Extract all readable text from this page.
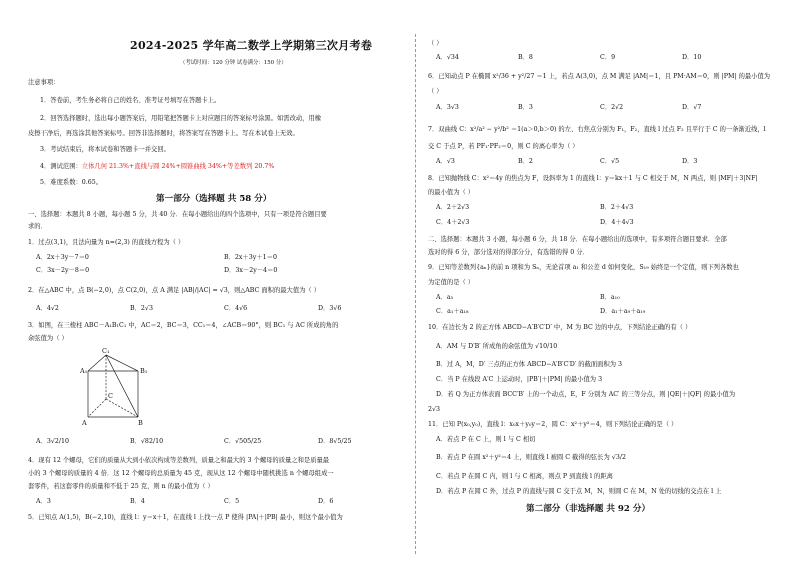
2024-2025 学年高二数学上学期第三次月考卷
（考试时间：120 分钟 试卷满分：150 分）
注意事项：
1．答卷前，考生务必将自己的姓名、准考证号填写在答题卡上。
2．回答选择题时，选出每小题答案后，用铅笔把答题卡上对应题目的答案标号涂黑。如需改动，用橡
皮擦干净后，再选涂其他答案标号。回答非选择题时，将答案写在答题卡上。写在本试卷上无效。
3．考试结束后，将本试卷和答题卡一并交回。
4．测试范围：立体几何 21.3%+直线与圆 24%+圆锥曲线 34%+等差数列 20.7%
5．难度系数：0.65。
第一部分（选择题 共 58 分）
一、选择题：本题共 8 小题，每小题 5 分，共 40 分．在每小题给出的四个选项中，只有一项是符合题目要
求的．
1．过点(3,1)，且法向量为 n=(2,3) 的直线方程为（ ）
A．2x＋3y－7＝0	B．2x＋3y＋1＝0
C．3x－2y－8＝0	D．3x－2y－4＝0
2．在△ABC 中，点 B(−2,0)，点 C(2,0)，点 A 满足 |AB|/|AC| = √3，则△ABC 面积的最大值为（ ）
A．4√2	B．2√3	C．4√6	D．3√6
3．如图，在三棱柱 ABC－A₁B₁C₁ 中，AC＝2，BC＝3，CC₁＝4，∠ACB＝90°，则 BC₁ 与 AC 所成的角的
余弦值为（ ）
C₁
A₁	B₁
C
A	B
A．3√2/10	B．√82/10	C．√505/25	D．8√5/25
4．现有 12 个螺母，它们的质量从大到小依次构成等差数列，质量之和最大的 3 个螺母的质量之和是质量最
小的 3 个螺母的质量的 4 倍．这 12 个螺母的总质量为 45 克，现从这 12 个螺母中随机挑选 n 个螺母组成一
套零件，若这套零件的质量和不低于 25 克，则 n 的最小值为（ ）
A．3	B．4	C．5	D．6
5．已知点 A(1,5)，B(−2,10)，直线 l：y＝x＋1，在直线 l 上找一点 P 使得 |PA|＋|PB| 最小，则这个最小值为
（ ）
A．√34	B．8	C．9	D．10
6．已知动点 P 在椭圆 x²/36 + y²/27 ＝1 上，若点 A(3,0)，点 M 满足 |AM|＝1，且 PM·AM＝0，则 |PM| 的最小值为
（ ）
A．3√3	B．3	C．2√2	D．√7
7．双曲线 C：x²/a² − y²/b² ＝1(a＞0,b＞0) 的左、右焦点分别为 F₁，F₂，直线 l 过点 F₂ 且平行于 C 的一条渐近线，l
交 C 于点 P，若 PF₁·PF₂＝0，则 C 的离心率为（ ）
A．√3	B．2	C．√5	D．3
8．已知抛物线 C：x²＝4y 的焦点为 F，设斜率为 1 的直线 l：y＝kx＋1 与 C 相交于 M，N 两点，则 |MF|＋3|NF|
的最小值为（ ）
A．2＋2√3	B．2＋4√3
C．4＋2√3	D．4＋4√3
二、选择题：本题共 3 小题，每小题 6 分，共 18 分．在每小题给出的选项中，有多项符合题目要求．全部
选对的得 6 分，部分选对的得部分分，有选错的得 0 分．
9．已知等差数列{aₙ}的前 n 项和为 Sₙ，无论首项 a₁ 和公差 d 如何变化，S₁₉ 始终是一个定值，则下列各数也
为定值的是（ ）
A．a₅	B．a₁₀
C．a₁＋a₁₈	D．a₁＋a₉＋a₁₉
10．在边长为 2 的正方体 ABCD−A′B′C′D′ 中，M 为 BC 边的中点，下列结论正确的有（ ）
A．AM 与 D′B′ 所成角的余弦值为 √10/10
B．过 A，M，D′ 三点的正方体 ABCD−A′B′C′D′ 的截面面积为 3
C．当 P 在线段 A′C 上运动时，|PB′|＋|PM| 的最小值为 3
D．若 Q 为正方体表面 BCC′B′ 上的一个动点，E，F 分别为 AC′ 的三等分点，则 |QE|＋|QF| 的最小值为
2√3
11．已知 P(x₀,y₀)，直线 l：x₀x＋y₀y＝2，圆 C：x²＋y²＝4，则下列结论正确的是（ ）
A．若点 P 在 C 上，则 l 与 C 相切
B．若点 P 在圆 x²＋y²＝4 上，则直线 l 被圆 C 截得的弦长为 √3/2
C．若点 P 在圆 C 内，则 l 与 C 相离，则点 P 到直线 l 的距离
D．若点 P 在圆 C 外，过点 P 的直线与圆 C 交于点 M，N，则圆 C 在 M，N 处的切线的交点在 l 上
第二部分（非选择题 共 92 分）
